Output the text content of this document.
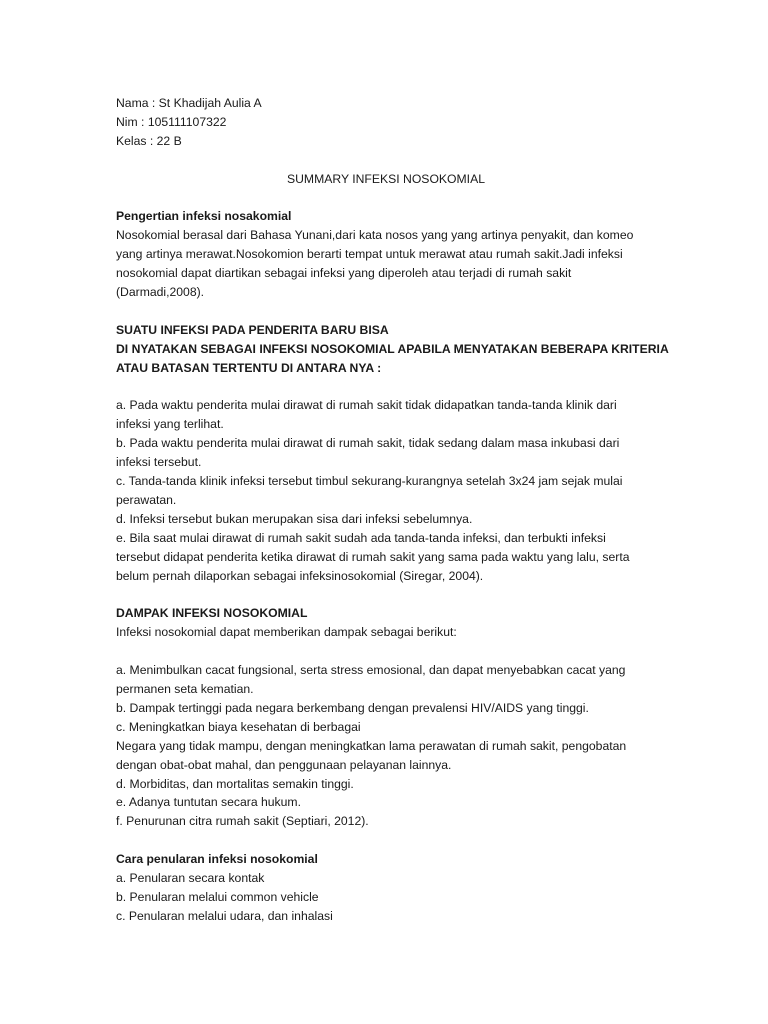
Nama : St Khadijah Aulia A
Nim : 105111107322
Kelas : 22 B
SUMMARY INFEKSI NOSOKOMIAL
Pengertian infeksi nosakomial
Nosokomial berasal dari Bahasa Yunani,dari kata nosos yang yang artinya penyakit, dan komeo
yang artinya merawat.Nosokomion berarti tempat untuk merawat atau rumah sakit.Jadi infeksi
nosokomial dapat diartikan sebagai infeksi yang diperoleh atau terjadi di rumah sakit
(Darmadi,2008).
SUATU INFEKSI PADA PENDERITA BARU BISA
DI NYATAKAN SEBAGAI INFEKSI NOSOKOMIAL APABILA MENYATAKAN BEBERAPA KRITERIA
ATAU BATASAN TERTENTU DI ANTARA NYA :
a. Pada waktu penderita mulai dirawat di rumah sakit tidak didapatkan tanda-tanda klinik dari
infeksi yang terlihat.
b. Pada waktu penderita mulai dirawat di rumah sakit, tidak sedang dalam masa inkubasi dari
infeksi tersebut.
c. Tanda-tanda klinik infeksi tersebut timbul sekurang-kurangnya setelah 3x24 jam sejak mulai
perawatan.
d. Infeksi tersebut bukan merupakan sisa dari infeksi sebelumnya.
e. Bila saat mulai dirawat di rumah sakit sudah ada tanda-tanda infeksi, dan terbukti infeksi
tersebut didapat penderita ketika dirawat di rumah sakit yang sama pada waktu yang lalu, serta
belum pernah dilaporkan sebagai infeksinosokomial (Siregar, 2004).
DAMPAK INFEKSI NOSOKOMIAL
Infeksi nosokomial dapat memberikan dampak sebagai berikut:
a. Menimbulkan cacat fungsional, serta stress emosional, dan dapat menyebabkan cacat yang
permanen seta kematian.
b. Dampak tertinggi pada negara berkembang dengan prevalensi HIV/AIDS yang tinggi.
c. Meningkatkan biaya kesehatan di berbagai
Negara yang tidak mampu, dengan meningkatkan lama perawatan di rumah sakit, pengobatan
dengan obat-obat mahal, dan penggunaan pelayanan lainnya.
d. Morbiditas, dan mortalitas semakin tinggi.
e. Adanya tuntutan secara hukum.
f. Penurunan citra rumah sakit (Septiari, 2012).
Cara penularan infeksi nosokomial
a. Penularan secara kontak
b. Penularan melalui common vehicle
c. Penularan melalui udara, dan inhalasi
